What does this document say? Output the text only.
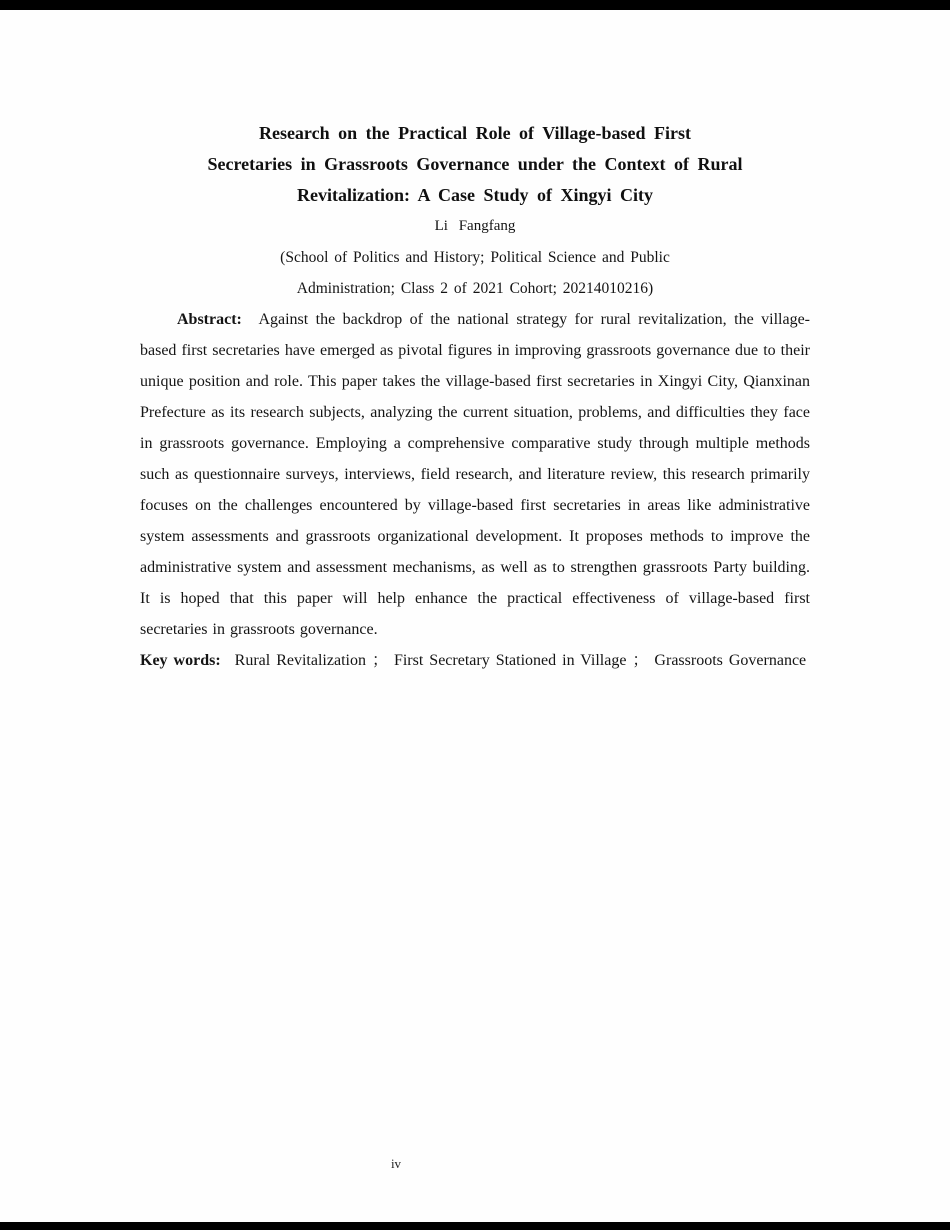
Research on the Practical Role of Village-based First
Secretaries in Grassroots Governance under the Context of Rural
Revitalization: A Case Study of Xingyi City

Li Fangfang

(School of Politics and History; Political Science and Public
Administration; Class 2 of 2021 Cohort; 20214010216)

Abstract: Against the backdrop of the national strategy for rural revitalization, the village-based first secretaries have emerged as pivotal figures in improving grassroots governance due to their unique position and role. This paper takes the village-based first secretaries in Xingyi City, Qianxinan Prefecture as its research subjects, analyzing the current situation, problems, and difficulties they face in grassroots governance. Employing a comprehensive comparative study through multiple methods such as questionnaire surveys, interviews, field research, and literature review, this research primarily focuses on the challenges encountered by village-based first secretaries in areas like administrative system assessments and grassroots organizational development. It proposes methods to improve the administrative system and assessment mechanisms, as well as to strengthen grassroots Party building. It is hoped that this paper will help enhance the practical effectiveness of village-based first secretaries in grassroots governance.

Key words: Rural Revitalization ； First Secretary Stationed in Village ； Grassroots Governance

iv
